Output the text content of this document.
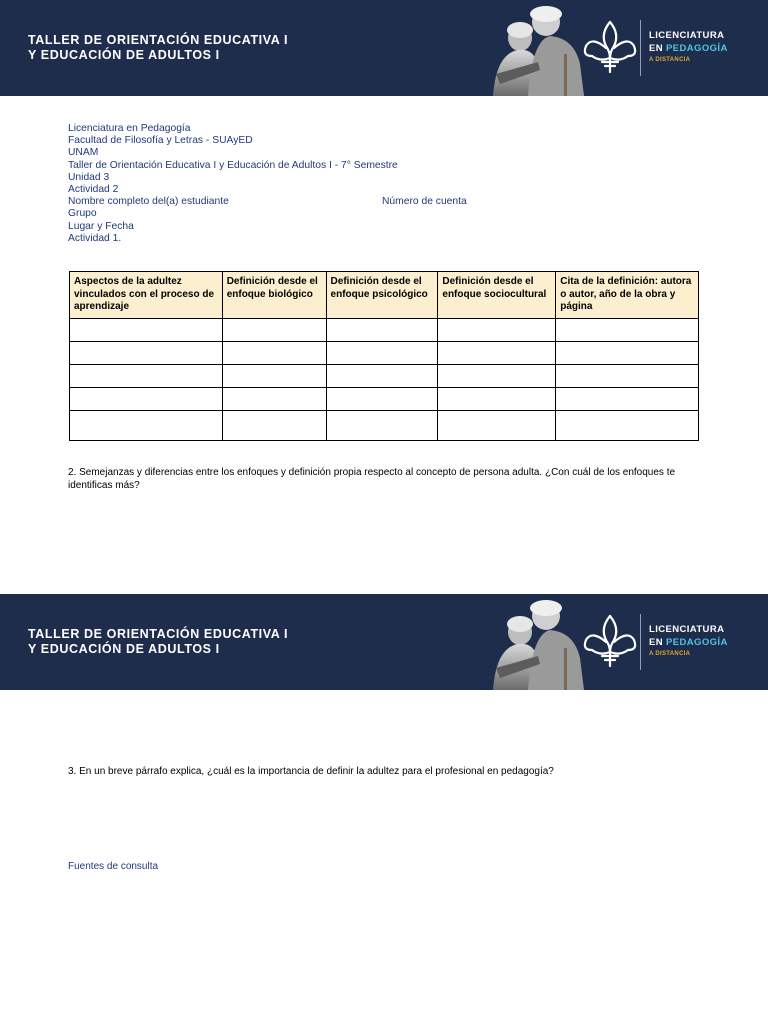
TALLER DE ORIENTACIÓN EDUCATIVA I
Y EDUCACIÓN DE ADULTOS I
LICENCIATURA
EN PEDAGOGÍA
A DISTANCIA
Licenciatura en Pedagogía
Facultad de Filosofía y Letras - SUAyED
UNAM
Taller de Orientación Educativa I y Educación de Adultos I - 7° Semestre
Unidad 3
Actividad 2
Nombre completo del(a) estudiante	Número de cuenta
Grupo
Lugar y Fecha
Actividad 1.
Aspectos de la adultez vinculados con el proceso de aprendizaje	Definición desde el enfoque biológico	Definición desde el enfoque psicológico	Definición desde el enfoque sociocultural	Cita de la definición: autora o autor, año de la obra y página

2. Semejanzas y diferencias entre los enfoques y definición propia respecto al concepto de persona adulta. ¿Con cuál de los enfoques te identificas más?
TALLER DE ORIENTACIÓN EDUCATIVA I
Y EDUCACIÓN DE ADULTOS I
LICENCIATURA
EN PEDAGOGÍA
A DISTANCIA
3. En un breve párrafo explica, ¿cuál es la importancia de definir la adultez para el profesional en pedagogía?
Fuentes de consulta
